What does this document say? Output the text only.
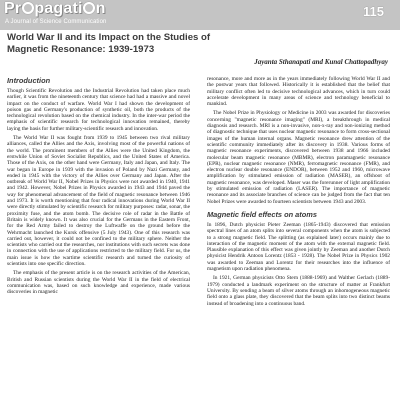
Pr pagati n
A Journal of Science Communication
115
World War II and its Impact on the Studies of Magnetic Resonance: 1939-1973
Jayanta Sthanapati and Kunal Chattopadhyay
Introduction

Though Scientific Revolution and the Industrial Revolution had taken place much earlier, it was from the nineteenth century that science had had a massive and novel impact on the conduct of warfare. World War I had shown the development of poison gas and Germany's production of synthetic oil, both the products of the technological revolution based on the chemical industry. In the inter-war period the emphasis of scientific research for technological innovation remained, thereby laying the basis for further military-scientific research and innovation.

The World War II was fought from 1939 to 1945 between two rival military alliances, called the Allies and the Axis, involving most of the powerful nations of the world. The prominent members of the Allies were the United Kingdom, the erstwhile Union of Soviet Socialist Republics, and the United States of America. Those of the Axis, on the other hand were Germany, Italy and Japan, and Italy. The war began in Europe in 1939 with the invasion of Poland by Nazi Germany, and ended in 1945 with the victory of the Allies over Germany and Japan. After the outbreak of World War II, Nobel Prizes in Physics were not awarded in 1940, 1941 and 1942. However, Nobel Prizes in Physics awarded in 1943 and 1944 paved the way for phenomenal advancement of the field of magnetic resonance between 1946 and 1973. It is worth mentioning that four radical innovations during World War II were directly stimulated by scientific research for military purposes: radar, sonar, the proximity fuse, and the atom bomb. The decisive role of radar in the Battle of Britain is widely known. It was also crucial for the Germans in the Eastern Front, for the Red Army failed to destroy the Luftwaffe on the ground before the Wehrmacht launched the Kursk offensive (5 July 1943). One of this research was carried out, however, it could not be confined to the military sphere. Neither the scientists who carried out the researches, nor institutions with such secrets was done in connection with the use of applications restricted to the military field. For us, the main issue is how the wartime scientific research and turned the curiosity of scientists into one specific direction.

The emphasis of the present article is on the research activities of the American, British and Russian scientists during the World War II in the field of electrical communication was, based on such knowledge and experience, made various discoveries in magnetic

resonance, more and more as in the years immediately following World War II and the postwar years that followed. Historically it is established that the belief that military conflict often led to decisive technological advances, which in turn could accelerate development in many areas of science and technology beneficial to mankind.

The Nobel Prize in Physiology or Medicine in 2003 was awarded for discoveries concerning "magnetic resonance imaging" (MRI), a breakthrough in medical diagnosis and research. MRI is a non-invasive, non-x-ray and non-ionizing method of diagnostic technique that uses nuclear magnetic resonance to form cross-sectional images of the human internal organs. Magnetic resonance drew attention of the scientific community immediately after its discovery in 1938. Various forms of magnetic resonance experiments, discovered between 1938 and 1966 included molecular beam magnetic resonance (MBMR), electron paramagnetic resonance (EPR), nuclear magnetic resonance (NMR), ferromagnetic resonance (FMR), and electron nuclear double resonance (ENDOR), between 1952 and 1960, microwave amplification by stimulated emission of radiation (MASER), an offshoot of magnetic resonance, was developed. Maser was the forerunner of light amplification by stimulated emission of radiation (LASER). The importance of magnetic resonance and its associate branches of science can be judged from the fact that ten Nobel Prizes were awarded to fourteen scientists between 1943 and 2003.

Magnetic field effects on atoms

In 1896, Dutch physicist Pieter Zeeman (1865-1943) discovered that emission spectral lines of an atom splits into several components when the atom is subjected to a strong magnetic field. The splitting (as explained later) occurs mainly due to interaction of the magnetic moment of the atom with the external magnetic field. Plausible explanation of this effect was given jointly by Zeeman and another Dutch physicist Hendrik Antoon Lorentz (1853 - 1928). The Nobel Prize in Physics 1902 was awarded to Zeeman and Lorentz for their researches into the influence of magnetism upon radiation phenomena.

In 1921, German physicists Otto Stern (1888-1969) and Walther Gerlach (1889-1979) conducted a landmark experiment on the structure of matter at Frankfurt University. By sending a beam of silver atoms through an inhomogeneous magnetic field onto a glass plate, they discovered that the beam splits into two distinct beams instead of broadening into a continuous band.
